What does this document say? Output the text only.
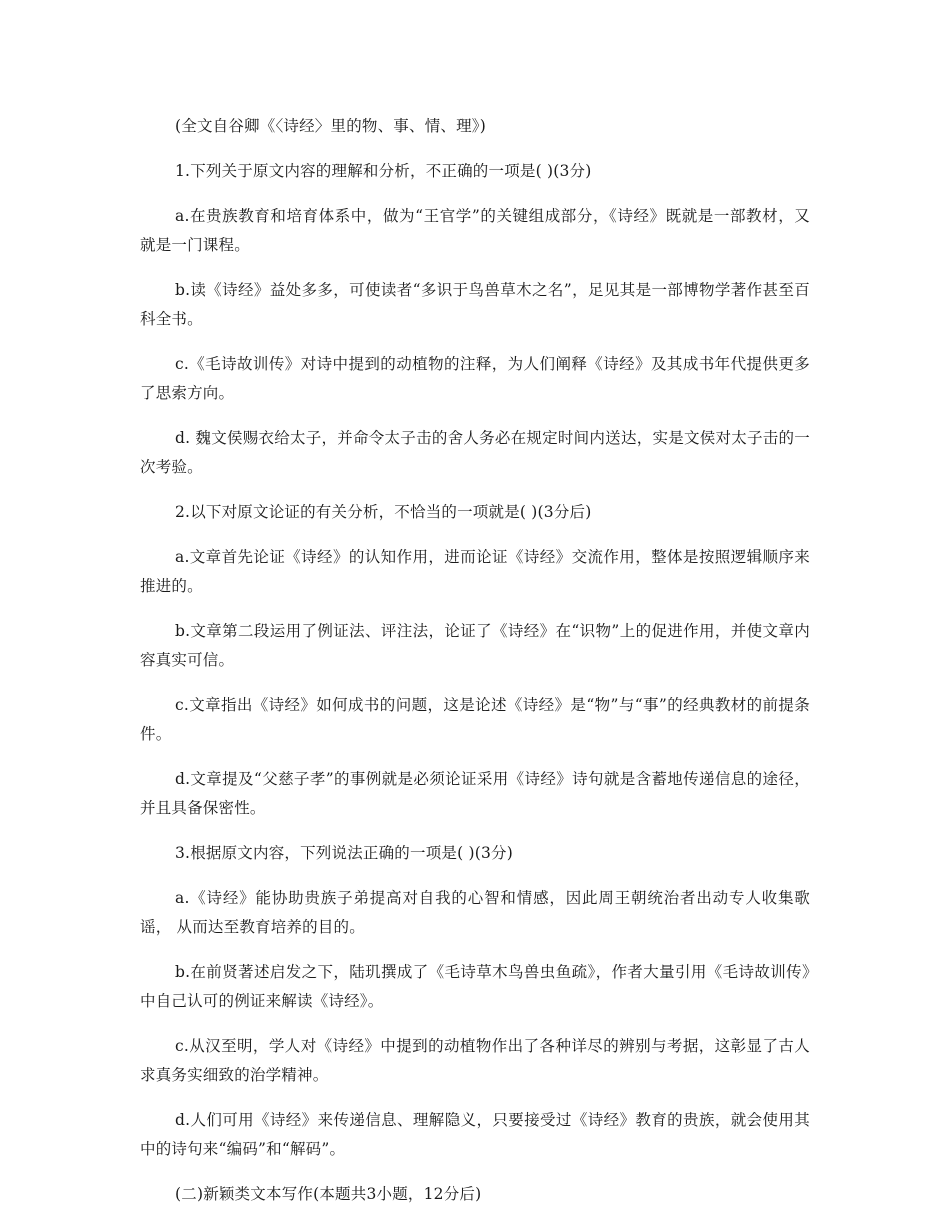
(全文自谷卿《〈诗经〉里的物、事、情、理》)

1.下列关于原文内容的理解和分析，不正确的一项是( )(3分)

a.在贵族教育和培育体系中，做为“王官学”的关键组成部分，《诗经》既就是一部教材，又就是一门课程。

b.读《诗经》益处多多，可使读者“多识于鸟兽草木之名”，足见其是一部博物学著作甚至百科全书。

c.《毛诗故训传》对诗中提到的动植物的注释，为人们阐释《诗经》及其成书年代提供更多了思索方向。

d. 魏文侯赐衣给太子，并命令太子击的舍人务必在规定时间内送达，实是文侯对太子击的一次考验。

2.以下对原文论证的有关分析，不恰当的一项就是( )(3分后)

a.文章首先论证《诗经》的认知作用，进而论证《诗经》交流作用，整体是按照逻辑顺序来推进的。

b.文章第二段运用了例证法、评注法，论证了《诗经》在“识物”上的促进作用，并使文章内容真实可信。

c.文章指出《诗经》如何成书的问题，这是论述《诗经》是“物”与“事”的经典教材的前提条件。

d.文章提及“父慈子孝”的事例就是必须论证采用《诗经》诗句就是含蓄地传递信息的途径，并且具备保密性。

3.根据原文内容，下列说法正确的一项是( )(3分)

a.《诗经》能协助贵族子弟提高对自我的心智和情感，因此周王朝统治者出动专人收集歌谣， 从而达至教育培养的目的。

b.在前贤著述启发之下，陆玑撰成了《毛诗草木鸟兽虫鱼疏》，作者大量引用《毛诗故训传》中自己认可的例证来解读《诗经》。

c.从汉至明，学人对《诗经》中提到的动植物作出了各种详尽的辨别与考据，这彰显了古人求真务实细致的治学精神。

d.人们可用《诗经》来传递信息、理解隐义，只要接受过《诗经》教育的贵族，就会使用其中的诗句来“编码”和“解码”。

(二)新颖类文本写作(本题共3小题，12分后)
